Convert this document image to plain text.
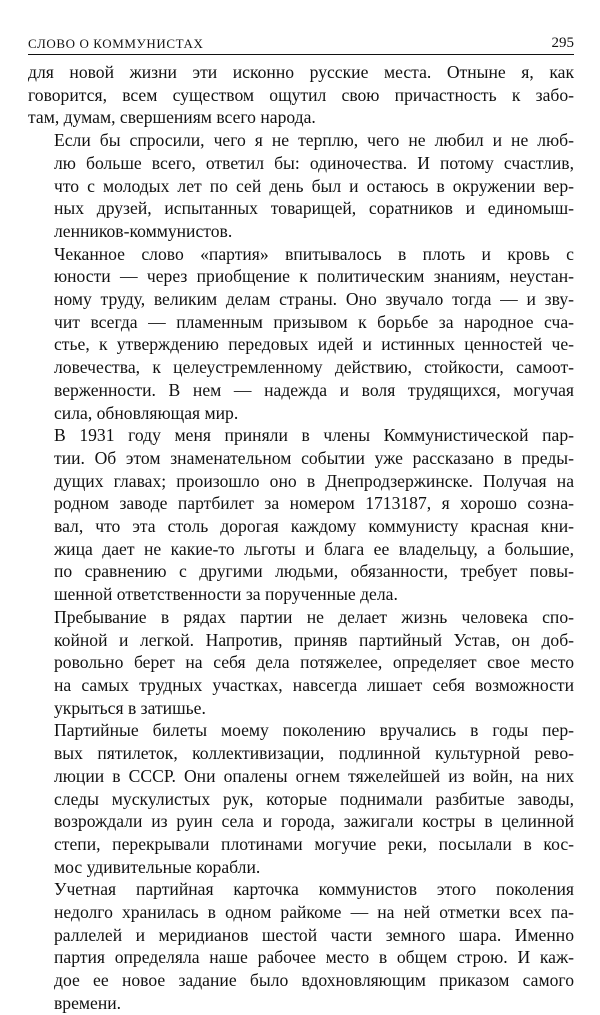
СЛОВО О КОММУНИСТАХ	295

для новой жизни эти исконно русские места. Отныне я, как
говорится, всем существом ощутил свою причастность к забо-
там, думам, свершениям всего народа.

Если бы спросили, чего я не терплю, чего не любил и не люб-
лю больше всего, ответил бы: одиночества. И потому счастлив,
что с молодых лет по сей день был и остаюсь в окружении вер-
ных друзей, испытанных товарищей, соратников и единомыш-
ленников-коммунистов.

Чеканное слово «партия» впитывалось в плоть и кровь с
юности — через приобщение к политическим знаниям, неустан-
ному труду, великим делам страны. Оно звучало тогда — и зву-
чит всегда — пламенным призывом к борьбе за народное сча-
стье, к утверждению передовых идей и истинных ценностей че-
ловечества, к целеустремленному действию, стойкости, самоот-
верженности. В нем — надежда и воля трудящихся, могучая
сила, обновляющая мир.

В 1931 году меня приняли в члены Коммунистической пар-
тии. Об этом знаменательном событии уже рассказано в преды-
дущих главах; произошло оно в Днепродзержинске. Получая на
родном заводе партбилет за номером 1713187, я хорошо созна-
вал, что эта столь дорогая каждому коммунисту красная кни-
жица дает не какие-то льготы и блага ее владельцу, а большие,
по сравнению с другими людьми, обязанности, требует повы-
шенной ответственности за порученные дела.

Пребывание в рядах партии не делает жизнь человека спо-
койной и легкой. Напротив, приняв партийный Устав, он доб-
ровольно берет на себя дела потяжелее, определяет свое место
на самых трудных участках, навсегда лишает себя возможности
укрыться в затишье.

Партийные билеты моему поколению вручались в годы пер-
вых пятилеток, коллективизации, подлинной культурной рево-
люции в СССР. Они опалены огнем тяжелейшей из войн, на них
следы мускулистых рук, которые поднимали разбитые заводы,
возрождали из руин села и города, зажигали костры в целинной
степи, перекрывали плотинами могучие реки, посылали в кос-
мос удивительные корабли.

Учетная партийная карточка коммунистов этого поколения
недолго хранилась в одном райкоме — на ней отметки всех па-
раллелей и меридианов шестой части земного шара. Именно
партия определяла наше рабочее место в общем строю. И каж-
дое ее новое задание было вдохновляющим приказом самого
времени.
